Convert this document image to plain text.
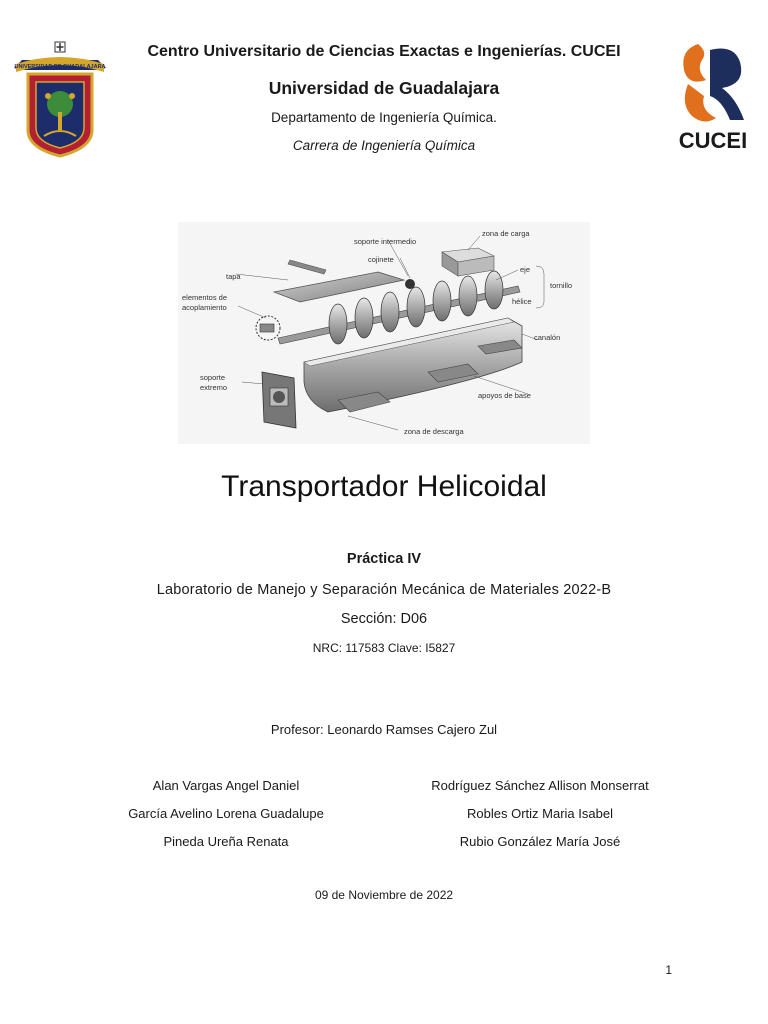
UNIVERSIDAD DE GUADALAJARA
Centro Universitario de Ciencias Exactas e Ingenierías. CUCEI
Universidad de Guadalajara
Departamento de Ingeniería Química.
Carrera de Ingeniería Química	CUCEI
zona de carga
soporte intermedio
cojinete
eje
tornillo
hélice
tapa
elementos de
acoplamiento
canalón
soporte
extremo
apoyos de base
zona de descarga
Transportador Helicoidal
Práctica IV
Laboratorio de Manejo y Separación Mecánica de Materiales 2022-B
Sección: D06
NRC: 117583 Clave: I5827
Profesor: Leonardo Ramses Cajero Zul
Alan Vargas Angel Daniel
García Avelino Lorena Guadalupe
Pineda Ureña Renata
Rodríguez Sánchez Allison Monserrat
Robles Ortiz Maria Isabel
Rubio González María José
09 de Noviembre de 2022
1
